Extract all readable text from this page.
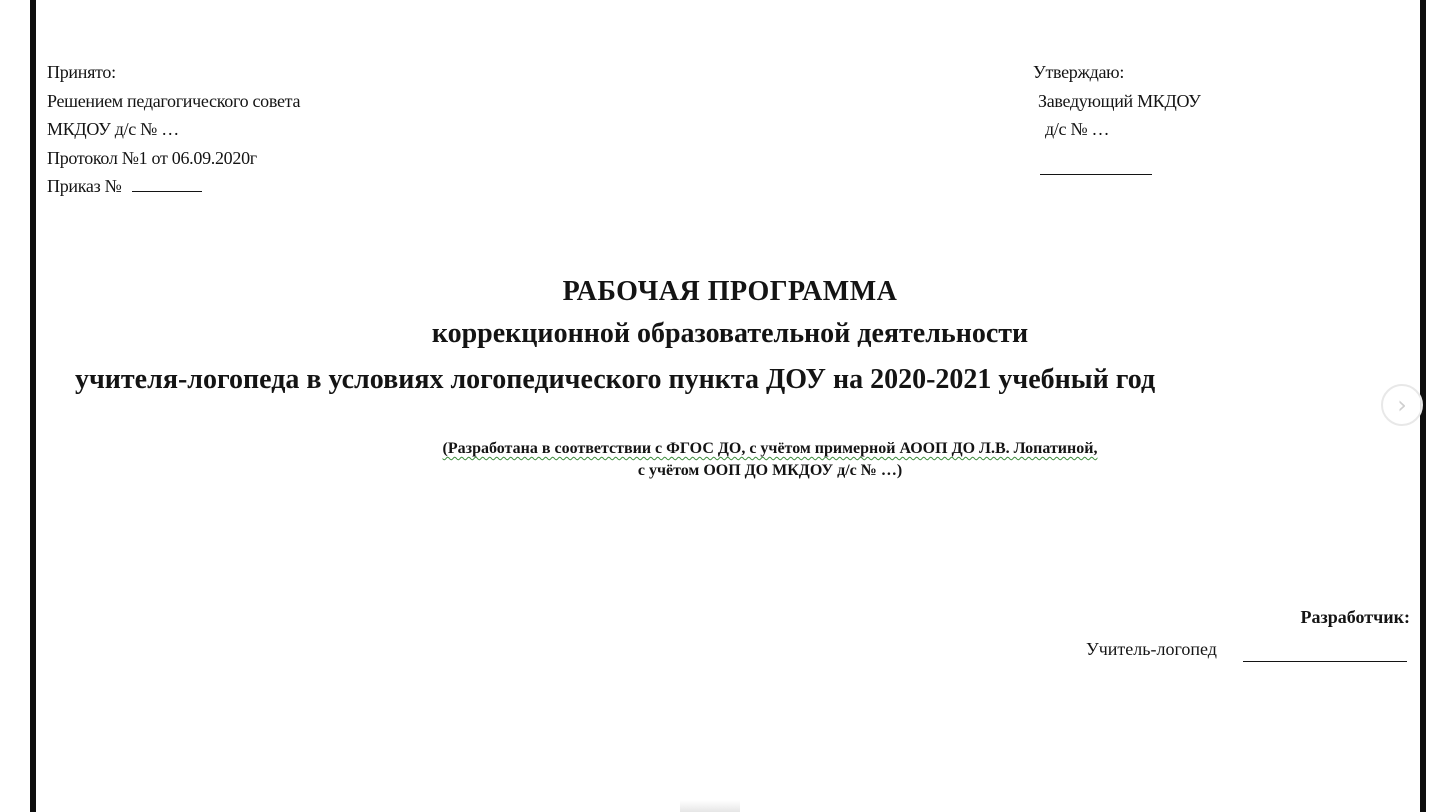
Принято:
Решением педагогического совета
МКДОУ д/с № …
Протокол №1 от 06.09.2020г
Приказ №
Утверждаю:
Заведующий МКДОУ
д/с № …
РАБОЧАЯ ПРОГРАММА
коррекционной образовательной деятельности
учителя-логопеда в условиях логопедического пункта ДОУ на 2020-2021 учебный год
(Разработана в соответствии с ФГОС ДО, с учётом примерной АООП ДО Л.В. Лопатиной,
с учётом ООП ДО МКДОУ д/с № …)
Разработчик:
Учитель-логопед
›
